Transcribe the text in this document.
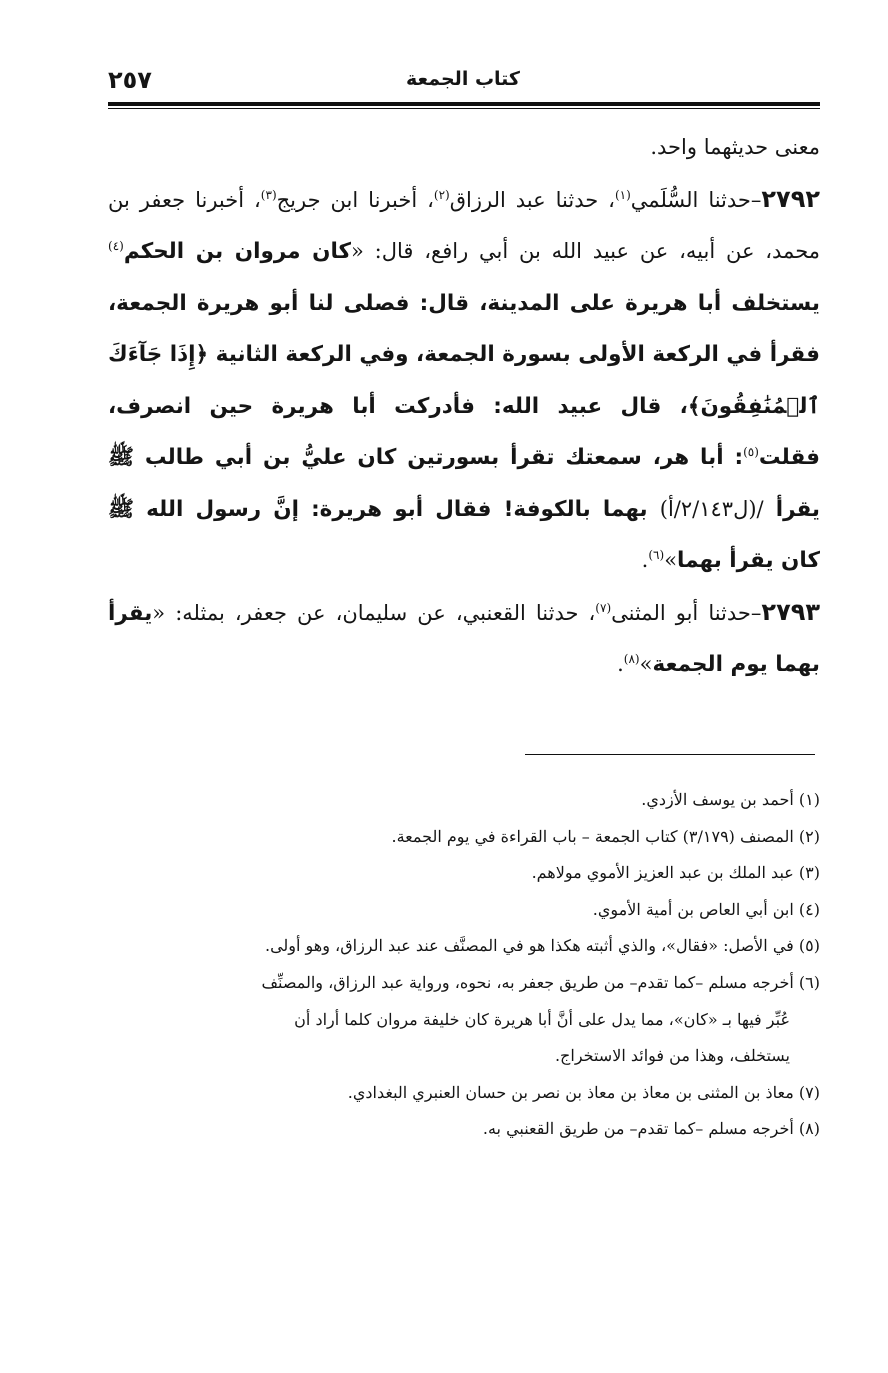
٢٥٧	كتاب الجمعة

معنى حديثهما واحد.

٢٧٩٢–حدثنا السُّلَمي$^{(١)}$، حدثنا عبد الرزاق$^{(٢)}$، أخبرنا ابن جريج$^{(٣)}$، أخبرنا جعفر بن محمد، عن أبيه، عن عبيد الله بن أبي رافع، قال: «كان مروان بن الحكم$^{(٤)}$ يستخلف أبا هريرة على المدينة، قال: فصلى لنا أبو هريرة الجمعة، فقرأ في الركعة الأولى بسورة الجمعة، وفي الركعة الثانية ﴿إِذَا جَآءَكَ ٱلۡمُنَٰفِقُونَ﴾، قال عبيد الله: فأدركت أبا هريرة حين انصرف، فقلت$^{(٥)}$: أبا هر، سمعتك تقرأ بسورتين كان عليُّ بن أبي طالب ﷺ يقرأ /(ل٢/١٤٣/أ) بهما بالكوفة! فقال أبو هريرة: إنَّ رسول الله ﷺ كان يقرأ بهما»$^{(٦)}$.

٢٧٩٣–حدثنا أبو المثنى$^{(٧)}$، حدثنا القعنبي، عن سليمان، عن جعفر، بمثله: «يقرأ بهما يوم الجمعة»$^{(٨)}$.

(١) أحمد بن يوسف الأزدي.

(٢) المصنف (٣/١٧٩) كتاب الجمعة – باب القراءة في يوم الجمعة.

(٣) عبد الملك بن عبد العزيز الأموي مولاهم.

(٤) ابن أبي العاص بن أمية الأموي.

(٥) في الأصل: «فقال»، والذي أثبته هكذا هو في المصنَّف عند عبد الرزاق، وهو أولى.

(٦) أخرجه مسلم –كما تقدم– من طريق جعفر به، نحوه، ورواية عبد الرزاق، والمصنِّف

عُبِّر فيها بـ «كان»، مما يدل على أنَّ أبا هريرة كان خليفة مروان كلما أراد أن

يستخلف، وهذا من فوائد الاستخراج.

(٧) معاذ بن المثنى بن معاذ بن معاذ بن نصر بن حسان العنبري البغدادي.

(٨) أخرجه مسلم –كما تقدم– من طريق القعنبي به.
